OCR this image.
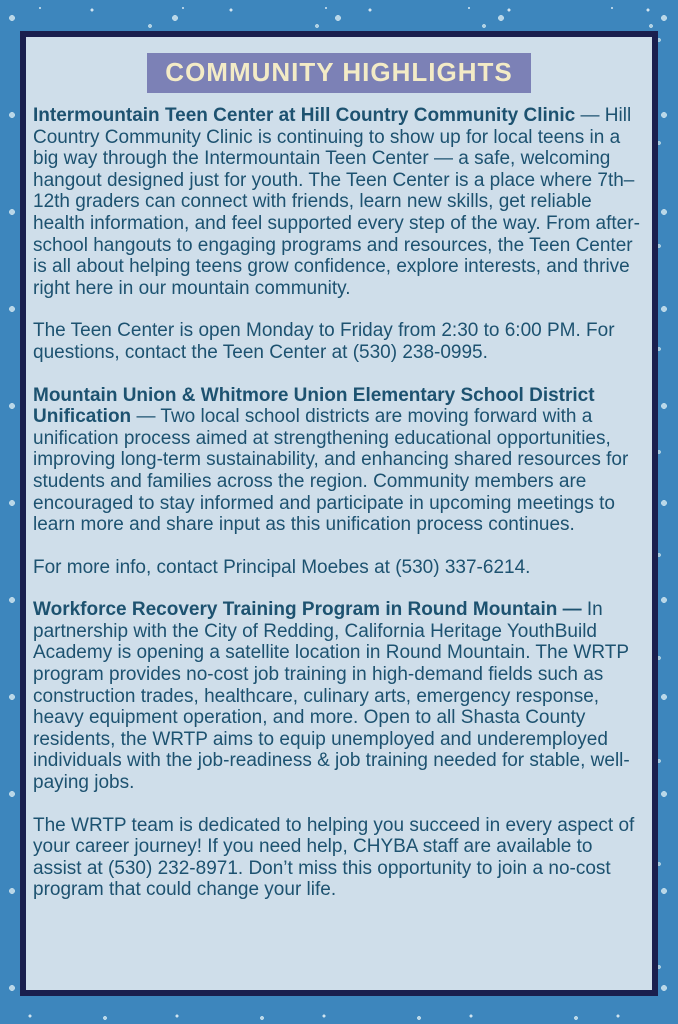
COMMUNITY HIGHLIGHTS

Intermountain Teen Center at Hill Country Community Clinic — Hill Country Community Clinic is continuing to show up for local teens in a big way through the Intermountain Teen Center — a safe, welcoming hangout designed just for youth. The Teen Center is a place where 7th–12th graders can connect with friends, learn new skills, get reliable health information, and feel supported every step of the way. From after-school hangouts to engaging programs and resources, the Teen Center is all about helping teens grow confidence, explore interests, and thrive right here in our mountain community.

The Teen Center is open Monday to Friday from 2:30 to 6:00 PM. For questions, contact the Teen Center at (530) 238-0995.

Mountain Union & Whitmore Union Elementary School District Unification — Two local school districts are moving forward with a unification process aimed at strengthening educational opportunities, improving long-term sustainability, and enhancing shared resources for students and families across the region. Community members are encouraged to stay informed and participate in upcoming meetings to learn more and share input as this unification process continues.

For more info, contact Principal Moebes at (530) 337-6214.

Workforce Recovery Training Program in Round Mountain — In partnership with the City of Redding, California Heritage YouthBuild Academy is opening a satellite location in Round Mountain. The WRTP program provides no-cost job training in high-demand fields such as construction trades, healthcare, culinary arts, emergency response, heavy equipment operation, and more. Open to all Shasta County residents, the WRTP aims to equip unemployed and underemployed individuals with the job-readiness & job training needed for stable, well-paying jobs.

The WRTP team is dedicated to helping you succeed in every aspect of your career journey! If you need help, CHYBA staff are available to assist at (530) 232-8971. Don’t miss this opportunity to join a no-cost program that could change your life.
